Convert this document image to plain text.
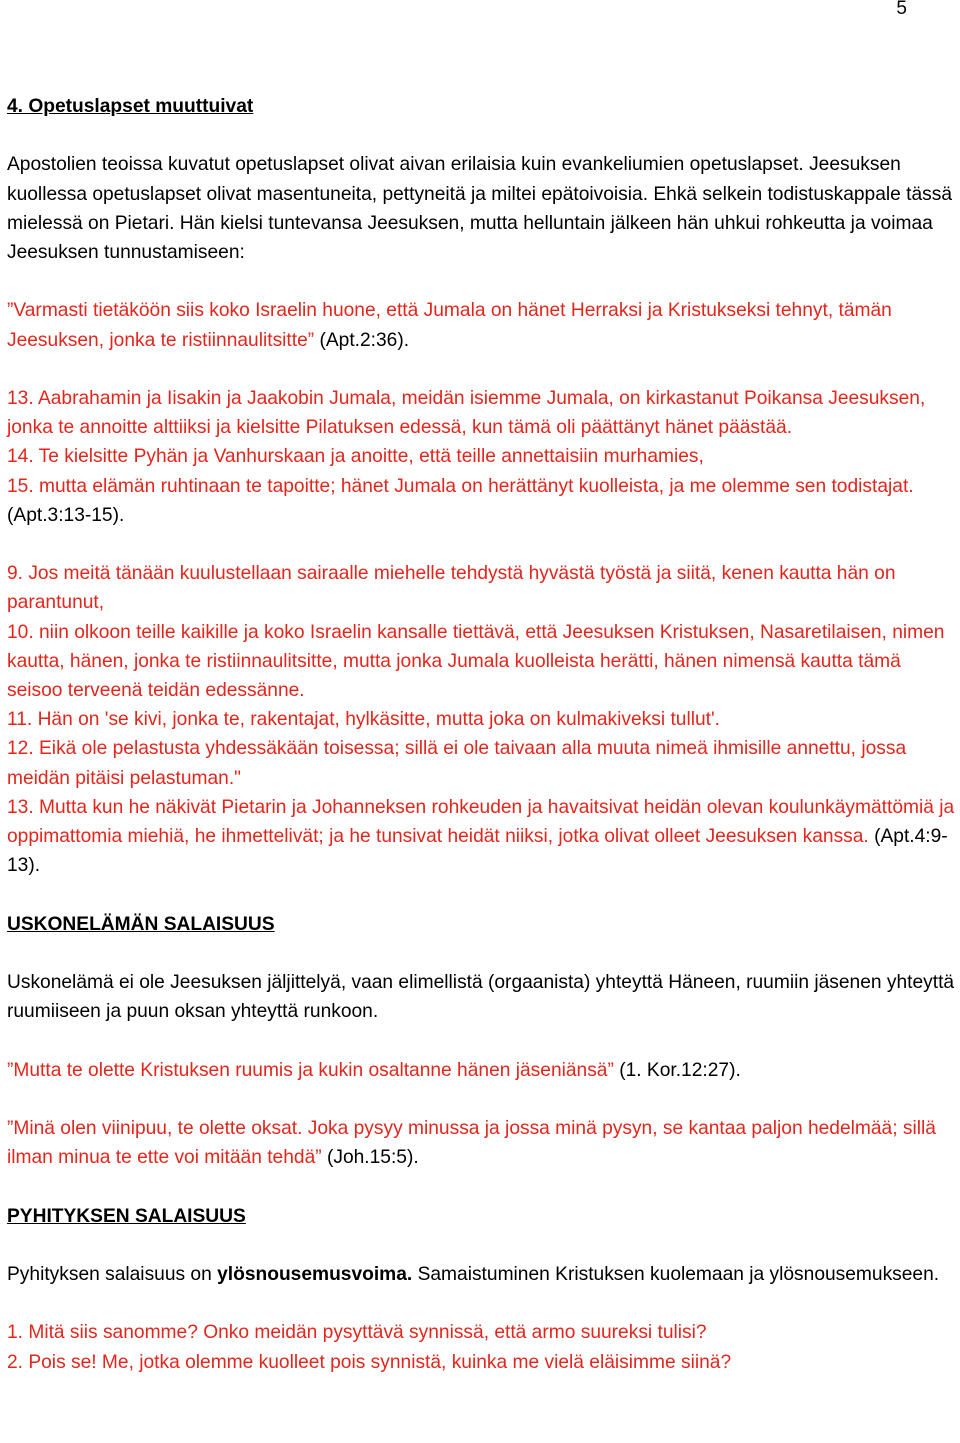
5
4. Opetuslapset muuttuivat

Apostolien teoissa kuvatut opetuslapset olivat aivan erilaisia kuin evankeliumien opetuslapset. Jeesuksen kuollessa opetuslapset olivat masentuneita, pettyneitä ja miltei epätoivoisia. Ehkä selkein todistuskappale tässä mielessä on Pietari. Hän kielsi tuntevansa Jeesuksen, mutta helluntain jälkeen hän uhkui rohkeutta ja voimaa Jeesuksen tunnustamiseen:

”Varmasti tietäköön siis koko Israelin huone, että Jumala on hänet Herraksi ja Kristukseksi tehnyt, tämän Jeesuksen, jonka te ristiinnaulitsitte” (Apt.2:36).

13. Aabrahamin ja Iisakin ja Jaakobin Jumala, meidän isiemme Jumala, on kirkastanut Poikansa Jeesuksen, jonka te annoitte alttiiksi ja kielsitte Pilatuksen edessä, kun tämä oli päättänyt hänet päästää.
14. Te kielsitte Pyhän ja Vanhurskaan ja anoitte, että teille annettaisiin murhamies,
15. mutta elämän ruhtinaan te tapoitte; hänet Jumala on herättänyt kuolleista, ja me olemme sen todistajat. (Apt.3:13-15).

9. Jos meitä tänään kuulustellaan sairaalle miehelle tehdystä hyvästä työstä ja siitä, kenen kautta hän on parantunut,
10. niin olkoon teille kaikille ja koko Israelin kansalle tiettävä, että Jeesuksen Kristuksen, Nasaretilaisen, nimen kautta, hänen, jonka te ristiinnaulitsitte, mutta jonka Jumala kuolleista herätti, hänen nimensä kautta tämä seisoo terveenä teidän edessänne.
11. Hän on 'se kivi, jonka te, rakentajat, hylkäsitte, mutta joka on kulmakiveksi tullut'.
12. Eikä ole pelastusta yhdessäkään toisessa; sillä ei ole taivaan alla muuta nimeä ihmisille annettu, jossa meidän pitäisi pelastuman."
13. Mutta kun he näkivät Pietarin ja Johanneksen rohkeuden ja havaitsivat heidän olevan koulunkäymättömiä ja oppimattomia miehiä, he ihmettelivät; ja he tunsivat heidät niiksi, jotka olivat olleet Jeesuksen kanssa. (Apt.4:9-13).

USKONELÄMÄN SALAISUUS

Uskonelämä ei ole Jeesuksen jäljittelyä, vaan elimellistä (orgaanista) yhteyttä Häneen, ruumiin jäsenen yhteyttä ruumiiseen ja puun oksan yhteyttä runkoon.

”Mutta te olette Kristuksen ruumis ja kukin osaltanne hänen jäseniänsä” (1. Kor.12:27).

”Minä olen viinipuu, te olette oksat. Joka pysyy minussa ja jossa minä pysyn, se kantaa paljon hedelmää; sillä ilman minua te ette voi mitään tehdä” (Joh.15:5).

PYHITYKSEN SALAISUUS

Pyhityksen salaisuus on ylösnousemusvoima. Samaistuminen Kristuksen kuolemaan ja ylösnousemukseen.

1. Mitä siis sanomme? Onko meidän pysyttävä synnissä, että armo suureksi tulisi?
2. Pois se! Me, jotka olemme kuolleet pois synnistä, kuinka me vielä eläisimme siinä?
